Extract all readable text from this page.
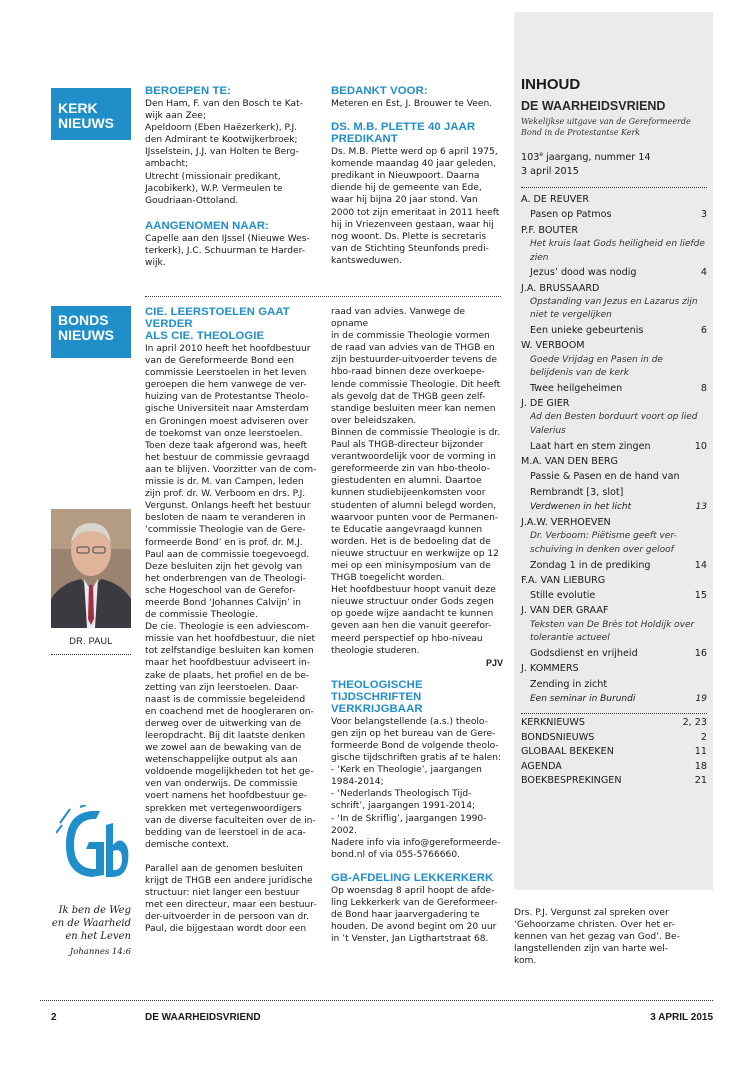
KERK
NIEUWS
BONDS
NIEUWS
DR. PAUL
Ik ben de Weg
en de Waarheid
en het Leven
Johannes 14:6
BEROEPEN TE:

Den Ham, F. van den Bosch te Kat-
wijk aan Zee;
Apeldoorn (Eben Haëzerkerk), P.J.
den Admirant te Kootwijkerbroek;
IJsselstein, J.J. van Holten te Berg-
ambacht;
Utrecht (missionair predikant,
Jacobikerk), W.P. Vermeulen te
Goudriaan-Ottoland.

AANGENOMEN NAAR:

Capelle aan den IJssel (Nieuwe Wes-
terkerk), J.C. Schuurman te Harder-
wijk.

BEDANKT VOOR:

Meteren en Est, J. Brouwer te Veen.

DS. M.B. PLETTE 40 JAAR
PREDIKANT

Ds. M.B. Plette werd op 6 april 1975,
komende maandag 40 jaar geleden,
predikant in Nieuwpoort. Daarna
diende hij de gemeente van Ede,
waar hij bijna 20 jaar stond. Van
2000 tot zijn emeritaat in 2011 heeft
hij in Vriezenveen gestaan, waar hij
nog woont. Ds. Plette is secretaris
van de Stichting Steunfonds predi-
kantsweduwen.

CIE. LEERSTOELEN GAAT VERDER
ALS CIE. THEOLOGIE

In april 2010 heeft het hoofdbestuur
van de Gereformeerde Bond een
commissie Leerstoelen in het leven
geroepen die hem vanwege de ver-
huizing van de Protestantse Theolo-
gische Universiteit naar Amsterdam
en Groningen moest adviseren over
de toekomst van onze leerstoelen.
Toen deze taak afgerond was, heeft
het bestuur de commissie gevraagd
aan te blijven. Voorzitter van de com-
missie is dr. M. van Campen, leden
zijn prof. dr. W. Verboom en drs. P.J.
Vergunst. Onlangs heeft het bestuur
besloten de naam te veranderen in
‘commissie Theologie van de Gere-
formeerde Bond’ en is prof. dr. M.J.
Paul aan de commissie toegevoegd.
Deze besluiten zijn het gevolg van
het onderbrengen van de Theologi-
sche Hogeschool van de Gerefor-
meerde Bond ‘Johannes Calvijn’ in
de commissie Theologie.
De cie. Theologie is een adviescom-
missie van het hoofdbestuur, die niet
tot zelfstandige besluiten kan komen
maar het hoofdbestuur adviseert in-
zake de plaats, het profiel en de be-
zetting van zijn leerstoelen. Daar-
naast is de commissie begeleidend
en coachend met de hoogleraren on-
derweg over de uitwerking van de
leeropdracht. Bij dit laatste denken
we zowel aan de bewaking van de
wetenschappelijke output als aan
voldoende mogelijkheden tot het ge-
ven van onderwijs. De commissie
voert namens het hoofdbestuur ge-
sprekken met vertegenwoordigers
van de diverse faculteiten over de in-
bedding van de leerstoel in de aca-
demische context.

Parallel aan de genomen besluiten
krijgt de THGB een andere juridische
structuur: niet langer een bestuur
met een directeur, maar een bestuur-
der-uitvoerder in de persoon van dr.
Paul, die bijgestaan wordt door een

raad van advies. Vanwege de opname
in de commissie Theologie vormen
de raad van advies van de THGB en
zijn bestuurder-uitvoerder tevens de
hbo-raad binnen deze overkoepe-
lende commissie Theologie. Dit heeft
als gevolg dat de THGB geen zelf-
standige besluiten meer kan nemen
over beleidszaken.
Binnen de commissie Theologie is dr.
Paul als THGB-directeur bijzonder
verantwoordelijk voor de vorming in
gereformeerde zin van hbo-theolo-
giestudenten en alumni. Daartoe
kunnen studiebijeenkomsten voor
studenten of alumni belegd worden,
waarvoor punten voor de Permanen-
te Educatie aangevraagd kunnen
worden. Het is de bedoeling dat de
nieuwe structuur en werkwijze op 12
mei op een minisymposium van de
THGB toegelicht worden.
Het hoofdbestuur hoopt vanuit deze
nieuwe structuur onder Gods zegen
op goede wijze aandacht te kunnen
geven aan hen die vanuit geerefor-
meerd perspectief op hbo-niveau
theologie studeren.

PJV
THEOLOGISCHE TIJDSCHRIFTEN
VERKRIJGBAAR

Voor belangstellende (a.s.) theolo-
gen zijn op het bureau van de Gere-
formeerde Bond de volgende theolo-
gische tijdschriften gratis af te halen:
- ‘Kerk en Theologie’, jaargangen
1984-2014;
- ‘Nederlands Theologisch Tijd-
schrift’, jaargangen 1991-2014;
- ‘In de Skriflig’, jaargangen 1990-
2002.
Nadere info via info@gereformeerde-
bond.nl of via 055-5766660.

GB-AFDELING LEKKERKERK

Op woensdag 8 april hoopt de afde-
ling Lekkerkerk van de Gereformeer-
de Bond haar jaarvergadering te
houden. De avond begint om 20 uur
in ’t Venster, Jan Ligthartstraat 68.

Drs. P.J. Vergunst zal spreken over
‘Gehoorzame christen. Over het er-
kennen van het gezag van God’. Be-
langstellenden zijn van harte wel-
kom.

INHOUD
DE WAARHEIDSVRIEND
Wekelijkse uitgave van de Gereformeerde
Bond in de Protestantse Kerk
103e jaargang, nummer 14
3 april 2015
A. DE REUVER
Pasen op Patmos	3
P.F. BOUTER
Het kruis laat Gods heiligheid en liefde zien
Jezus’ dood was nodig	4
J.A. BRUSSAARD
Opstanding van Jezus en Lazarus zijn niet te vergelijken
Een unieke gebeurtenis	6
W. VERBOOM
Goede Vrijdag en Pasen in de belijdenis van de kerk
Twee heilgeheimen	8
J. DE GIER
Ad den Besten borduurt voort op lied Valerius
Laat hart en stem zingen	10
M.A. VAN DEN BERG
Passie & Pasen en de hand van Rembrandt [3, slot]
Verdwenen in het licht	13
J.A.W. VERHOEVEN
Dr. Verboom: Piëtisme geeft ver-schuiving in denken over geloof
Zondag 1 in de prediking	14
F.A. VAN LIEBURG
Stille evolutie	15
J. VAN DER GRAAF
Teksten van De Brès tot Holdijk over tolerantie actueel
Godsdienst en vrijheid	16
J. KOMMERS
Zending in zicht
Een seminar in Burundi	19
KERKNIEUWS	2, 23
BONDSNIEUWS	2
GLOBAAL BEKEKEN	11
AGENDA	18
BOEKBESPREKINGEN	21
2	DE WAARHEIDSVRIEND	3 APRIL 2015
